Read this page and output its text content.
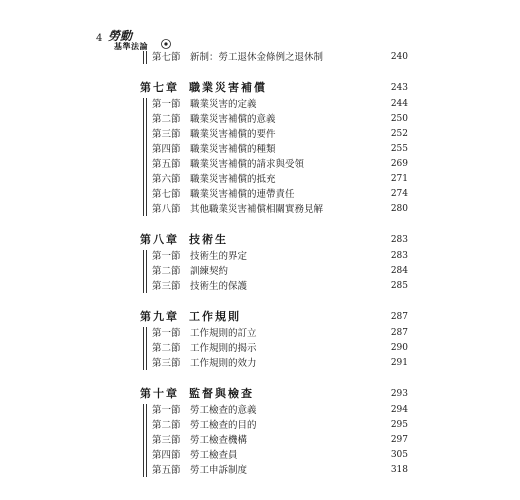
4 勞動
基準法論
第七節 新制：勞工退休金條例之退休制	240
第七章 職業災害補償	243
第一節 職業災害的定義	244
第二節 職業災害補償的意義	250
第三節 職業災害補償的要件	252
第四節 職業災害補償的種類	255
第五節 職業災害補償的請求與受領	269
第六節 職業災害補償的抵充	271
第七節 職業災害補償的連帶責任	274
第八節 其他職業災害補償相關實務見解	280
第八章 技術生	283
第一節 技術生的界定	283
第二節 訓練契約	284
第三節 技術生的保護	285
第九章 工作規則	287
第一節 工作規則的訂立	287
第二節 工作規則的揭示	290
第三節 工作規則的效力	291
第十章 監督與檢查	293
第一節 勞工檢查的意義	294
第二節 勞工檢查的目的	295
第三節 勞工檢查機構	297
第四節 勞工檢查員	305
第五節 勞工申訴制度	318
